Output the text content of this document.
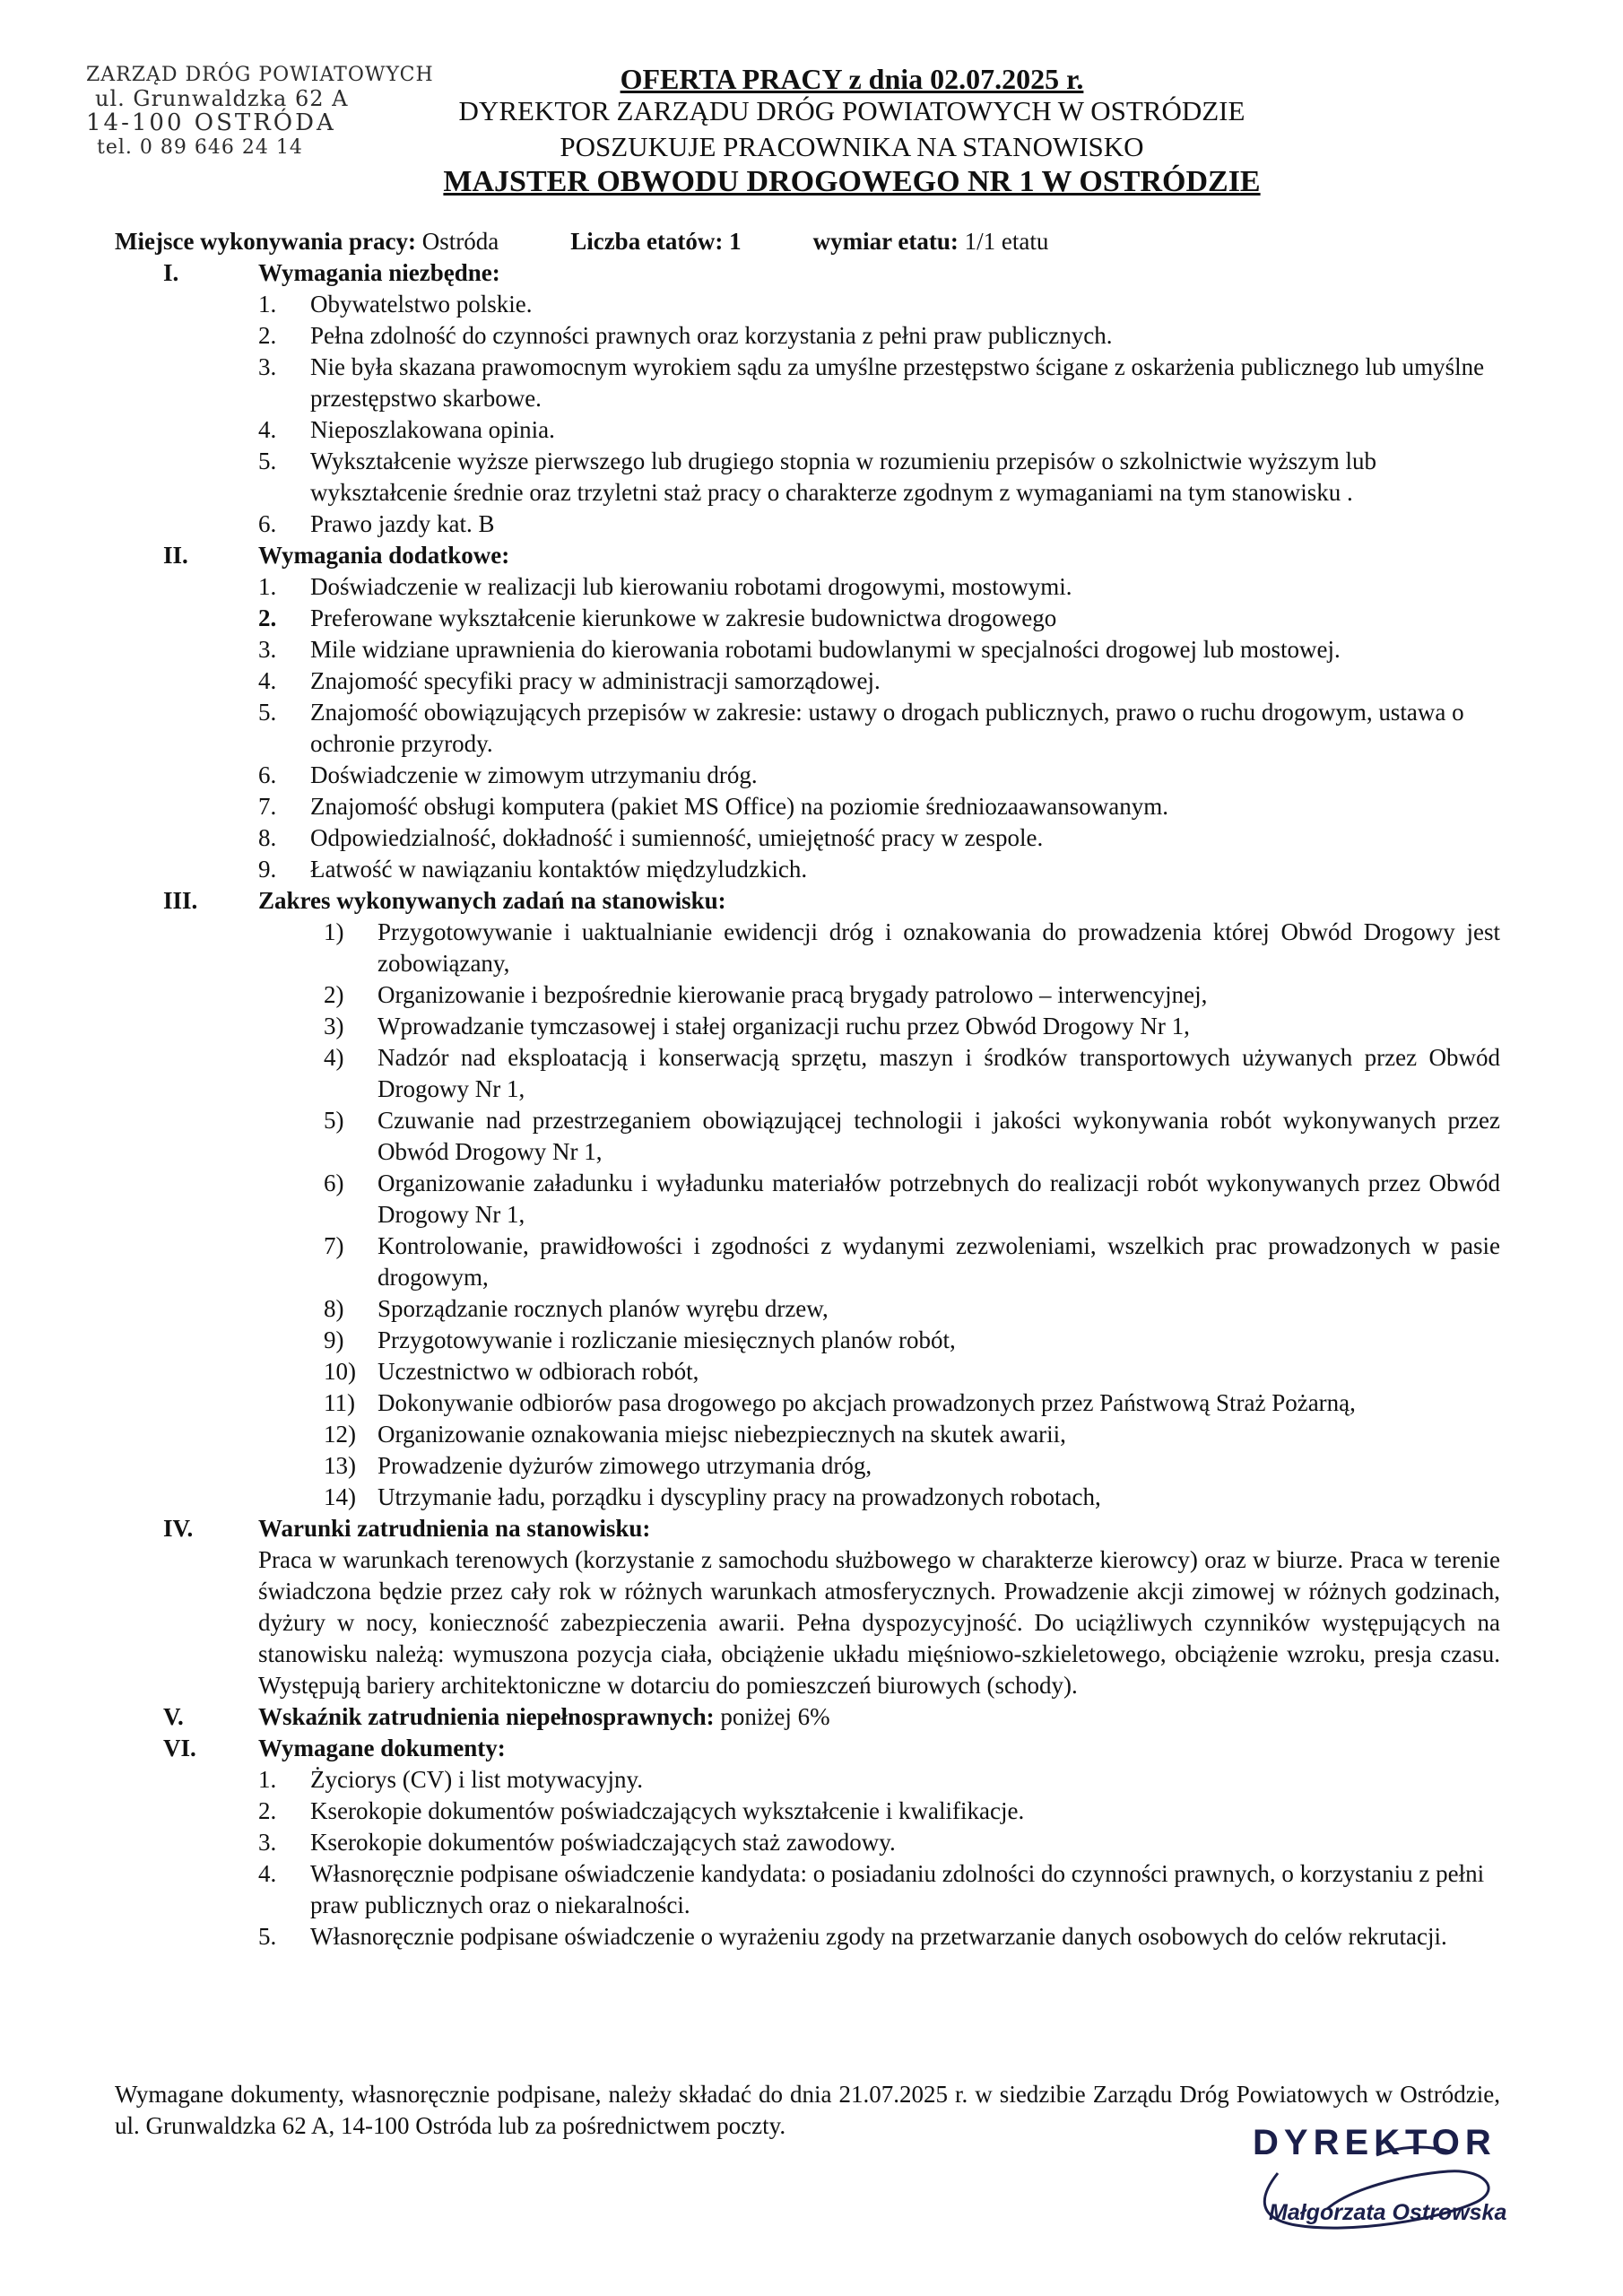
ZARZĄD DRÓG POWIATOWYCH
ul. Grunwaldzka 62 A
14-100 OSTRÓDA
tel. 0 89 646 24 14
OFERTA PRACY z dnia 02.07.2025 r.
DYREKTOR ZARZĄDU DRÓG POWIATOWYCH W OSTRÓDZIE
POSZUKUJE PRACOWNIKA NA STANOWISKO
MAJSTER OBWODU DROGOWEGO NR 1 W OSTRÓDZIE
Miejsce wykonywania pracy: Ostróda	Liczba etatów: 1	wymiar etatu: 1/1 etatu
I.	Wymagania niezbędne:
1.	Obywatelstwo polskie.
2.	Pełna zdolność do czynności prawnych oraz korzystania z pełni praw publicznych.
3.	Nie była skazana prawomocnym wyrokiem sądu za umyślne przestępstwo ścigane z oskarżenia publicznego lub umyślne przestępstwo skarbowe.
4.	Nieposzlakowana opinia.
5.	Wykształcenie wyższe pierwszego lub drugiego stopnia w rozumieniu przepisów o szkolnictwie wyższym lub wykształcenie średnie oraz trzyletni staż pracy o charakterze zgodnym z wymaganiami na tym stanowisku .
6.	Prawo jazdy kat. B
II.	Wymagania dodatkowe:
1.	Doświadczenie w realizacji lub kierowaniu robotami drogowymi, mostowymi.
2.	Preferowane wykształcenie kierunkowe w zakresie budownictwa drogowego
3.	Mile widziane uprawnienia do kierowania robotami budowlanymi w specjalności drogowej lub mostowej.
4.	Znajomość specyfiki pracy w administracji samorządowej.
5.	Znajomość obowiązujących przepisów w zakresie: ustawy o drogach publicznych, prawo o ruchu drogowym, ustawa o ochronie przyrody.
6.	Doświadczenie w zimowym utrzymaniu dróg.
7.	Znajomość obsługi komputera (pakiet MS Office) na poziomie średniozaawansowanym.
8.	Odpowiedzialność, dokładność i sumienność, umiejętność pracy w zespole.
9.	Łatwość w nawiązaniu kontaktów międzyludzkich.
III.	Zakres wykonywanych zadań na stanowisku:
1)	Przygotowywanie i uaktualnianie ewidencji dróg i oznakowania do prowadzenia której Obwód Drogowy jest zobowiązany,
2)	Organizowanie i bezpośrednie kierowanie pracą brygady patrolowo – interwencyjnej,
3)	Wprowadzanie tymczasowej i stałej organizacji ruchu przez Obwód Drogowy Nr 1,
4)	Nadzór nad eksploatacją i konserwacją sprzętu, maszyn i środków transportowych używanych przez Obwód Drogowy Nr 1,
5)	Czuwanie nad przestrzeganiem obowiązującej technologii i jakości wykonywania robót wykonywanych przez Obwód Drogowy Nr 1,
6)	Organizowanie załadunku i wyładunku materiałów potrzebnych do realizacji robót wykonywanych przez Obwód Drogowy Nr 1,
7)	Kontrolowanie, prawidłowości i zgodności z wydanymi zezwoleniami, wszelkich prac prowadzonych w pasie drogowym,
8)	Sporządzanie rocznych planów wyrębu drzew,
9)	Przygotowywanie i rozliczanie miesięcznych planów robót,
10) Uczestnictwo w odbiorach robót,
11) Dokonywanie odbiorów pasa drogowego po akcjach prowadzonych przez Państwową Straż Pożarną,
12) Organizowanie oznakowania miejsc niebezpiecznych na skutek awarii,
13) Prowadzenie dyżurów zimowego utrzymania dróg,
14) Utrzymanie ładu, porządku i dyscypliny pracy na prowadzonych robotach,
IV.	Warunki zatrudnienia na stanowisku:
Praca w warunkach terenowych (korzystanie z samochodu służbowego w charakterze kierowcy) oraz w biurze. Praca w terenie świadczona będzie przez cały rok w różnych warunkach atmosferycznych. Prowadzenie akcji zimowej w różnych godzinach, dyżury w nocy, konieczność zabezpieczenia awarii. Pełna dyspozycyjność. Do uciążliwych czynników występujących na stanowisku należą: wymuszona pozycja ciała, obciążenie układu mięśniowo-szkieletowego, obciążenie wzroku, presja czasu. Występują bariery architektoniczne w dotarciu do pomieszczeń biurowych (schody).
V.	Wskaźnik zatrudnienia niepełnosprawnych: poniżej 6%
VI.	Wymagane dokumenty:
1.	Życiorys (CV) i list motywacyjny.
2.	Kserokopie dokumentów poświadczających wykształcenie i kwalifikacje.
3.	Kserokopie dokumentów poświadczających staż zawodowy.
4.	Własnoręcznie podpisane oświadczenie kandydata: o posiadaniu zdolności do czynności prawnych, o korzystaniu z pełni praw publicznych oraz o niekaralności.
5.	Własnoręcznie podpisane oświadczenie o wyrażeniu zgody na przetwarzanie danych osobowych do celów rekrutacji.
Wymagane dokumenty, własnoręcznie podpisane, należy składać do dnia 21.07.2025 r. w siedzibie Zarządu Dróg Powiatowych w Ostródzie, ul. Grunwaldzka 62 A, 14-100 Ostróda lub za pośrednictwem poczty.	DYREKTOR
Małgorzata Ostrowska
